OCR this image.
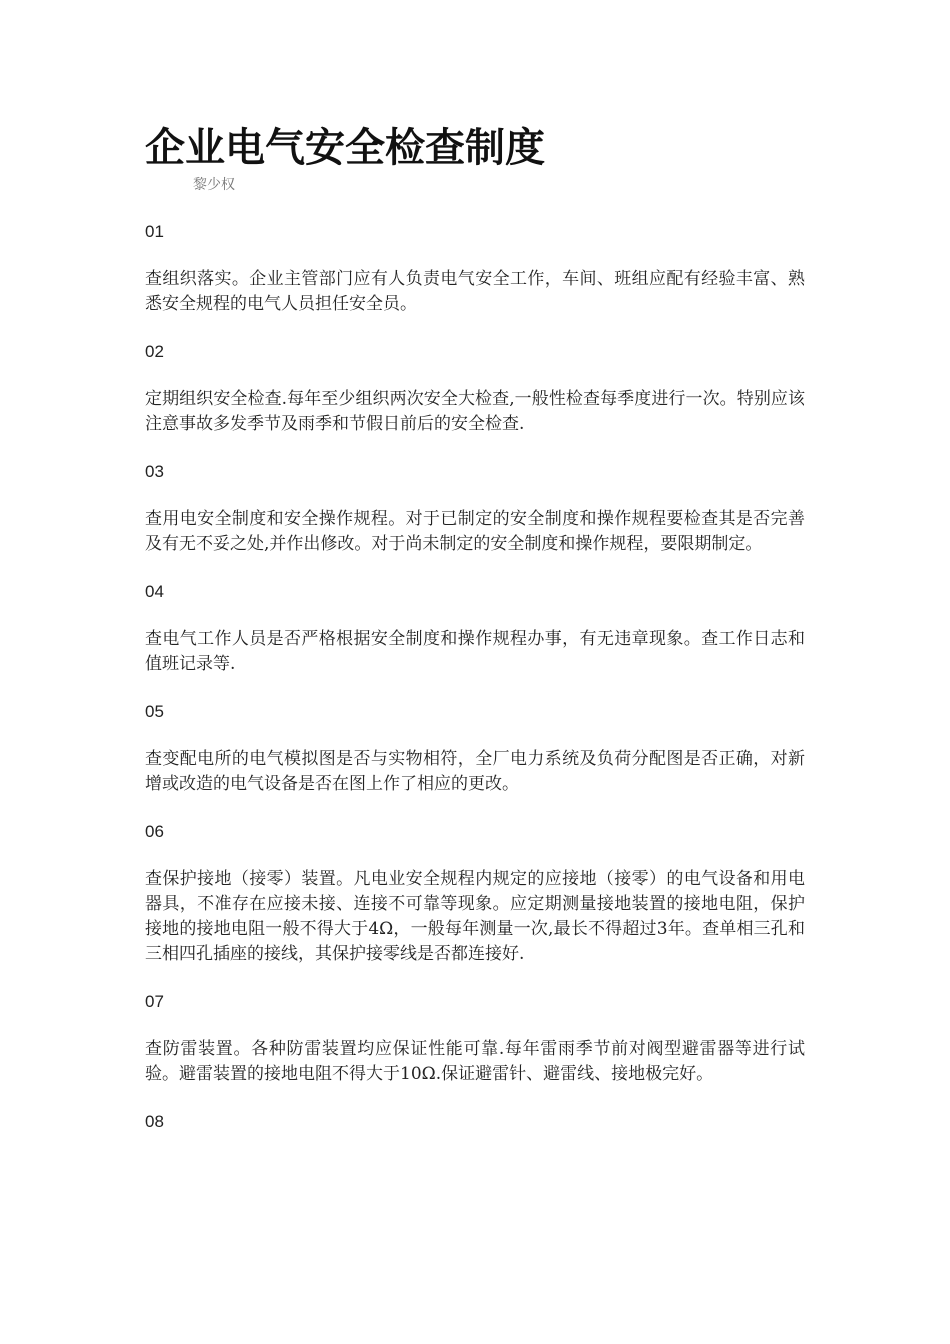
企业电气安全检查制度
黎少权
01
查组织落实。企业主管部门应有人负责电气安全工作，车间、班组应配有经验丰富、熟悉安全规程的电气人员担任安全员。
02
定期组织安全检查.每年至少组织两次安全大检查,一般性检查每季度进行一次。特别应该注意事故多发季节及雨季和节假日前后的安全检查.
03
查用电安全制度和安全操作规程。对于已制定的安全制度和操作规程要检查其是否完善及有无不妥之处,并作出修改。对于尚未制定的安全制度和操作规程，要限期制定。
04
查电气工作人员是否严格根据安全制度和操作规程办事，有无违章现象。查工作日志和值班记录等.
05
查变配电所的电气模拟图是否与实物相符，全厂电力系统及负荷分配图是否正确，对新增或改造的电气设备是否在图上作了相应的更改。
06
查保护接地（接零）装置。凡电业安全规程内规定的应接地（接零）的电气设备和用电器具，不准存在应接未接、连接不可靠等现象。应定期测量接地装置的接地电阻，保护接地的接地电阻一般不得大于4Ω，一般每年测量一次,最长不得超过3年。查单相三孔和三相四孔插座的接线，其保护接零线是否都连接好.
07
查防雷装置。各种防雷装置均应保证性能可靠.每年雷雨季节前对阀型避雷器等进行试验。避雷装置的接地电阻不得大于10Ω.保证避雷针、避雷线、接地极完好。
08
